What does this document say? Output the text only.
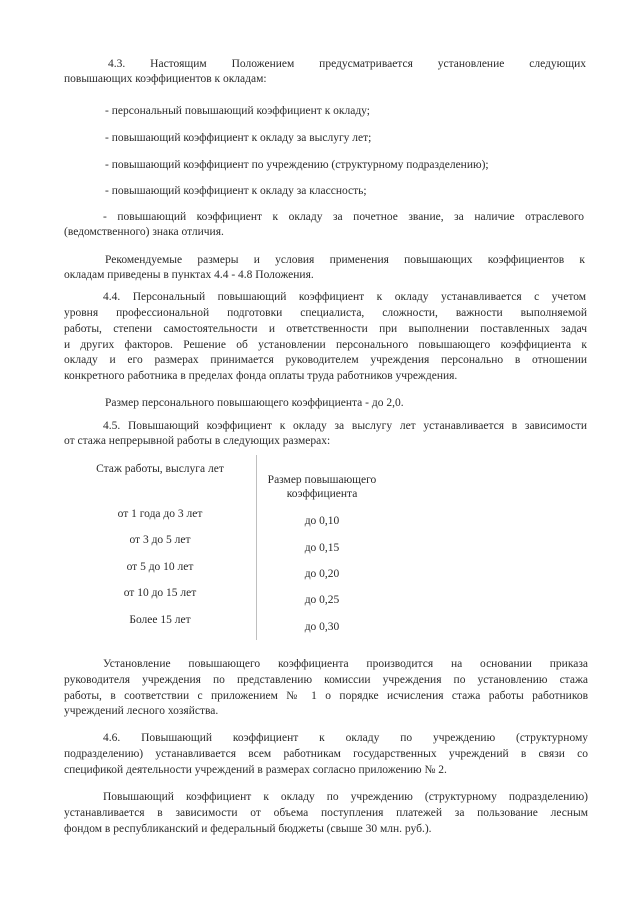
4.3. Настоящим Положением предусматривается установление следующих

повышающих коэффициентов к окладам:

- персональный повышающий коэффициент к окладу;

- повышающий коэффициент к окладу за выслугу лет;

- повышающий коэффициент по учреждению (структурному подразделению);

- повышающий коэффициент к окладу за классность;

- повышающий коэффициент к окладу за почетное звание, за наличие отраслевого

(ведомственного) знака отличия.

Рекомендуемые размеры и условия применения повышающих коэффициентов к

окладам приведены в пунктах 4.4 - 4.8 Положения.

4.4. Персональный повышающий коэффициент к окладу устанавливается с учетом

уровня профессиональной подготовки специалиста, сложности, важности выполняемой

работы, степени самостоятельности и ответственности при выполнении поставленных задач

и других факторов. Решение об установлении персонального повышающего коэффициента к

окладу и его размерах принимается руководителем учреждения персонально в отношении

конкретного работника в пределах фонда оплаты труда работников учреждения.

Размер персонального повышающего коэффициента - до 2,0.

4.5. Повышающий коэффициент к окладу за выслугу лет устанавливается в зависимости

от стажа непрерывной работы в следующих размерах:

Стаж работы, выслуга лет
Размер повышающего
коэффициента
от 1 года до 3 лет
до 0,10
от 3 до 5 лет
до 0,15
от 5 до 10 лет
до 0,20
от 10 до 15 лет
до 0,25
Более 15 лет
до 0,30

Установление повышающего коэффициента производится на основании приказа

руководителя учреждения по представлению комиссии учреждения по установлению стажа

работы, в соответствии с приложением № 1 о порядке исчисления стажа работы работников

учреждений лесного хозяйства.

4.6. Повышающий коэффициент к окладу по учреждению (структурному

подразделению) устанавливается всем работникам государственных учреждений в связи со

спецификой деятельности учреждений в размерах согласно приложению № 2.

Повышающий коэффициент к окладу по учреждению (структурному подразделению)

устанавливается в зависимости от объема поступления платежей за пользование лесным

фондом в республиканский и федеральный бюджеты (свыше 30 млн. руб.).
